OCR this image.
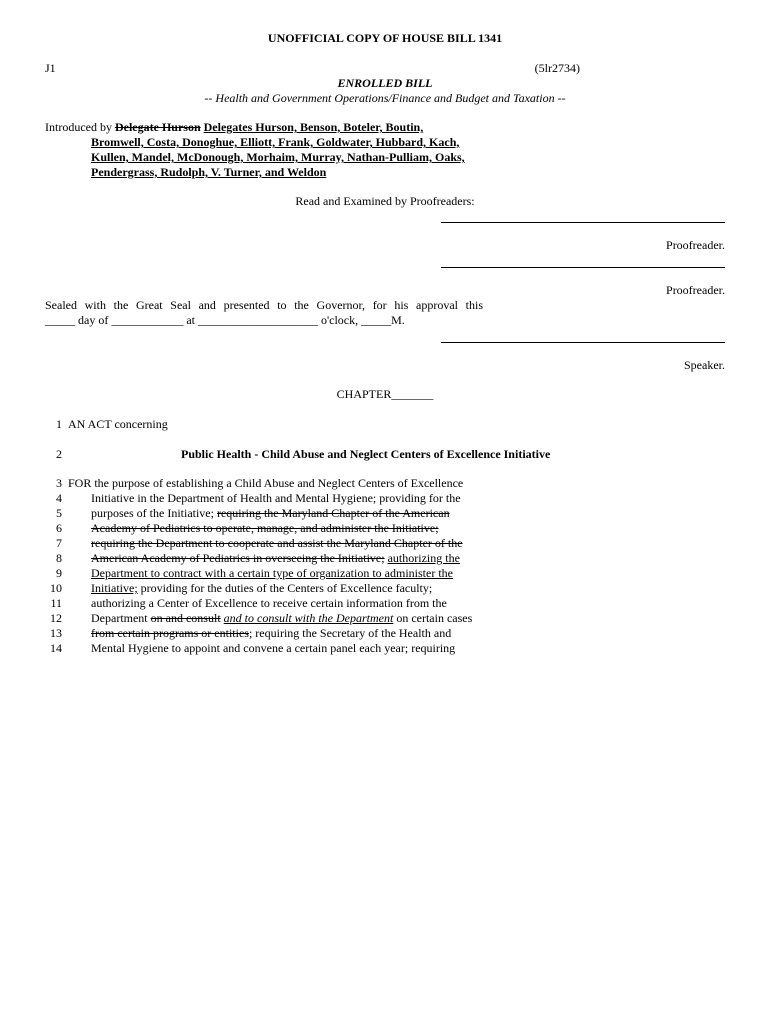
UNOFFICIAL COPY OF HOUSE BILL 1341
J1	(5lr2734)
ENROLLED BILL
-- Health and Government Operations/Finance and Budget and Taxation --
Introduced by Delegate Hurson Delegates Hurson, Benson, Boteler, Boutin,
Bromwell, Costa, Donoghue, Elliott, Frank, Goldwater, Hubbard, Kach,
Kullen, Mandel, McDonough, Morhaim, Murray, Nathan-Pulliam, Oaks,
Pendergrass, Rudolph, V. Turner, and Weldon
Read and Examined by Proofreaders:
Proofreader.
Proofreader.
Sealed with the Great Seal and presented to the Governor, for his approval this
_____ day of ____________ at ____________________ o'clock, _____M.
Speaker.
CHAPTER_______
1 AN ACT concerning
2	Public Health - Child Abuse and Neglect Centers of Excellence Initiative
3 FOR the purpose of establishing a Child Abuse and Neglect Centers of Excellence
4 Initiative in the Department of Health and Mental Hygiene; providing for the
5 purposes of the Initiative; requiring the Maryland Chapter of the American
6 Academy of Pediatrics to operate, manage, and administer the Initiative;
7 requiring the Department to cooperate and assist the Maryland Chapter of the
8 American Academy of Pediatrics in overseeing the Initiative; authorizing the
9 Department to contract with a certain type of organization to administer the
10 Initiative; providing for the duties of the Centers of Excellence faculty;
11 authorizing a Center of Excellence to receive certain information from the
12 Department on and consult and to consult with the Department on certain cases
13 from certain programs or entities; requiring the Secretary of the Health and
14 Mental Hygiene to appoint and convene a certain panel each year; requiring
